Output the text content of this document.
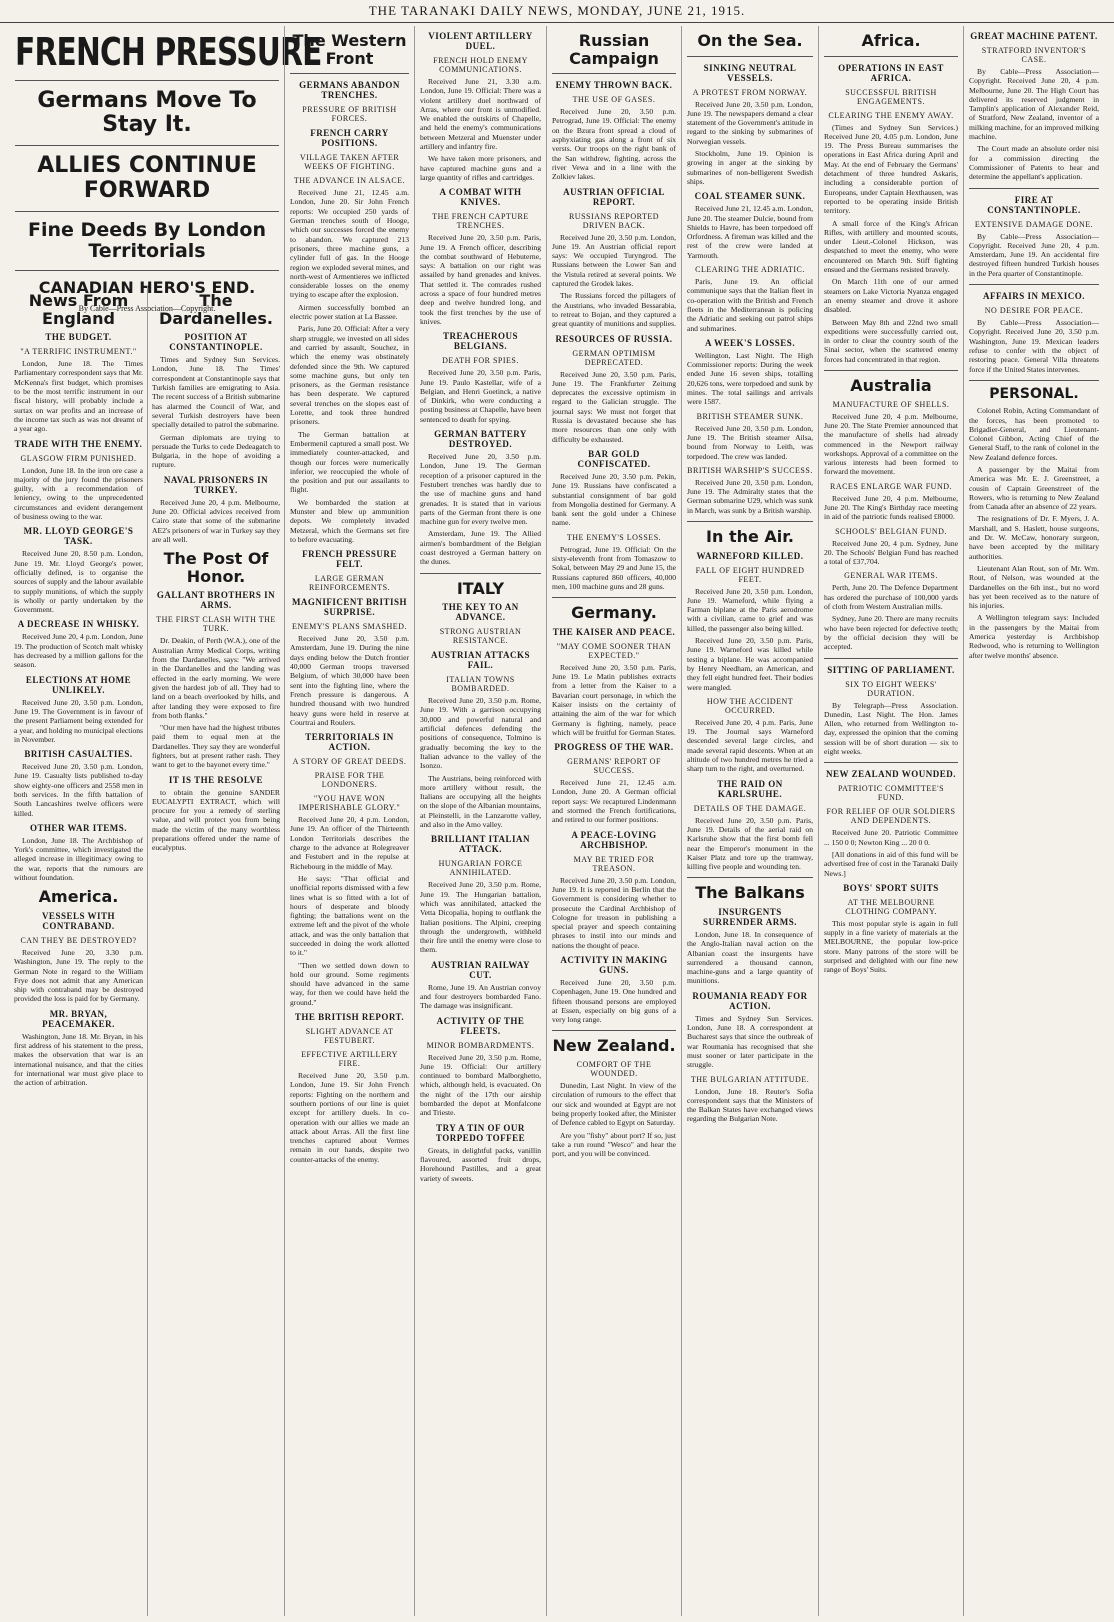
THE TARANAKI DAILY NEWS, MONDAY, JUNE 21, 1915.
FRENCH PRESSURE
Germans Move To Stay It.
ALLIES CONTINUE FORWARD
Fine Deeds By London Territorials
CANADIAN HERO'S END.
By Cable—Press Association—Copyright.
News From England
THE BUDGET.
"A TERRIFIC INSTRUMENT."

London, June 18. The Times Parliamentary correspondent says that Mr. McKenna's first budget, which promises to be the most terrific instrument in our fiscal history, will probably include a surtax on war profits and an increase of the income tax such as was not dreamt of a year ago.

TRADE WITH THE ENEMY.
GLASGOW FIRM PUNISHED.

London, June 18. In the iron ore case a majority of the jury found the prisoners guilty, with a recommendation of leniency, owing to the unprecedented circumstances and evident derangement of business owing to the war.

MR. LLOYD GEORGE'S TASK.

Received June 20, 8.50 p.m. London, June 19. Mr. Lloyd George's power, officially defined, is to organise the sources of supply and the labour available to supply munitions, of which the supply is wholly or partly undertaken by the Government.

A DECREASE IN WHISKY.

Received June 20, 4 p.m. London, June 19. The production of Scotch malt whisky has decreased by a million gallons for the season.

ELECTIONS AT HOME UNLIKELY.

Received June 20, 3.50 p.m. London, June 19. The Government is in favour of the present Parliament being extended for a year, and holding no municipal elections in November.

BRITISH CASUALTIES.

Received June 20, 3.50 p.m. London, June 19. Casualty lists published to-day show eighty-one officers and 2558 men in both services. In the fifth battalion of South Lancashires twelve officers were killed.

OTHER WAR ITEMS.

London, June 18. The Archbishop of York's committee, which investigated the alleged increase in illegitimacy owing to the war, reports that the rumours are without foundation.

America.
VESSELS WITH CONTRABAND.
CAN THEY BE DESTROYED?

Received June 20, 3.30 p.m. Washington, June 19. The reply to the German Note in regard to the William Frye does not admit that any American ship with contraband may be destroyed provided the loss is paid for by Germany.

MR. BRYAN, PEACEMAKER.

Washington, June 18. Mr. Bryan, in his first address of his statement to the press, makes the observation that war is an international nuisance, and that the cities for international war must give place to the action of arbitration.

The Dardanelles.
POSITION AT CONSTANTINOPLE.

Times and Sydney Sun Services. London, June 18. The Times' correspondent at Constantinople says that Turkish families are emigrating to Asia. The recent success of a British submarine has alarmed the Council of War, and several Turkish destroyers have been specially detailed to patrol the submarine.

German diplomats are trying to persuade the Turks to cede Dedeagatch to Bulgaria, in the hope of avoiding a rupture.

NAVAL PRISONERS IN TURKEY.

Received June 20, 4 p.m. Melbourne, June 20. Official advices received from Cairo state that some of the submarine AE2's prisoners of war in Turkey say they are all well.

The Post Of Honor.
GALLANT BROTHERS IN ARMS.
THE FIRST CLASH WITH THE TURK.

Dr. Deakin, of Perth (W.A.), one of the Australian Army Medical Corps, writing from the Dardanelles, says: "We arrived in the Dardanelles and the landing was effected in the early morning. We were given the hardest job of all. They had to land on a beach overlooked by hills, and after landing they were exposed to fire from both flanks."

"Our men have had the highest tributes paid them to equal men at the Dardanelles. They say they are wonderful fighters, but at present rather rash. They want to get to the bayonet every time."

IT IS THE RESOLVE

to obtain the genuine SANDER EUCALYPTI EXTRACT, which will procure for you a remedy of sterling value, and will protect you from being made the victim of the many worthless preparations offered under the name of eucalyptus.

The Western Front
GERMANS ABANDON TRENCHES.
PRESSURE OF BRITISH FORCES.
FRENCH CARRY POSITIONS.
VILLAGE TAKEN AFTER WEEKS OF FIGHTING.
THE ADVANCE IN ALSACE.

Received June 21, 12.45 a.m. London, June 20. Sir John French reports: We occupied 250 yards of German trenches south of Hooge, which our successes forced the enemy to abandon. We captured 213 prisoners, three machine guns, a cylinder full of gas. In the Hooge region we exploded several mines, and north-west of Armentieres we inflicted considerable losses on the enemy trying to escape after the explosion.

Airmen successfully bombed an electric power station at La Bassee.

Paris, June 20. Official: After a very sharp struggle, we invested on all sides and carried by assault, Souchez, in which the enemy was obstinately defended since the 9th. We captured some machine guns, but only ten prisoners, as the German resistance has been desperate. We captured several trenches on the slopes east of Lorette, and took three hundred prisoners.

The German battalion at Embermenil captured a small post. We immediately counter-attacked, and though our forces were numerically inferior, we reoccupied the whole of the position and put our assailants to flight.

We bombarded the station at Munster and blew up ammunition depots. We completely invaded Metzeral, which the Germans set fire to before evacuating.

FRENCH PRESSURE FELT.
LARGE GERMAN REINFORCEMENTS.
MAGNIFICENT BRITISH SURPRISE.
ENEMY'S PLANS SMASHED.

Received June 20, 3.50 p.m. Amsterdam, June 19. During the nine days ending below the Dutch frontier 40,000 German troops traversed Belgium, of which 30,000 have been sent into the fighting line, where the French pressure is dangerous. A hundred thousand with two hundred heavy guns were held in reserve at Courtrai and Roulers.

TERRITORIALS IN ACTION.
A STORY OF GREAT DEEDS.
PRAISE FOR THE LONDONERS.
"YOU HAVE WON IMPERISHABLE GLORY."

Received June 20, 4 p.m. London, June 19. An officer of the Thirteenth London Territorials describes the charge to the advance at Rolegreaver and Festubert and in the repulse at Richebourg in the middle of May.

He says: "That official and unofficial reports dismissed with a few lines what is so fitted with a lot of hours of desperate and bloody fighting; the battalions went on the extreme left and the pivot of the whole attack, and was the only battalion that succeeded in doing the work allotted to it."

"Then we settled down down to hold our ground. Some regiments should have advanced in the same way, for then we could have held the ground."

THE BRITISH REPORT.
SLIGHT ADVANCE AT FESTUBERT.
EFFECTIVE ARTILLERY FIRE.

Received June 20, 3.50 p.m. London, June 19. Sir John French reports: Fighting on the northern and southern portions of our line is quiet except for artillery duels. In co-operation with our allies we made an attack about Arras. All the first line trenches captured about Vermes remain in our hands, despite two counter-attacks of the enemy.

VIOLENT ARTILLERY DUEL.
FRENCH HOLD ENEMY COMMUNICATIONS.

Received June 21, 3.30 a.m. London, June 19. Official: There was a violent artillery duel northward of Arras, where our front is unmodified. We enabled the outskirts of Chapelle, and held the enemy's communications between Metzeral and Muenster under artillery and infantry fire.

We have taken more prisoners, and have captured machine guns and a large quantity of rifles and cartridges.

A COMBAT WITH KNIVES.
THE FRENCH CAPTURE TRENCHES.

Received June 20, 3.50 p.m. Paris, June 19. A French officer, describing the combat southward of Hebuterne, says: A battalion on our right was assailed by hand grenades and knives. That settled it. The comrades rushed across a space of four hundred metres deep and twelve hundred long, and took the first trenches by the use of knives.

TREACHEROUS BELGIANS.
DEATH FOR SPIES.

Received June 20, 3.50 p.m. Paris, June 19. Paulo Kastellar, wife of a Belgian, and Henri Goetinck, a native of Dinkirk, who were conducting a posting business at Chapelle, have been sentenced to death for spying.

GERMAN BATTERY DESTROYED.

Received June 20, 3.50 p.m. London, June 19. The German reception of a prisoner captured in the Festubert trenches was hardly due to the use of machine guns and hand grenades. It is stated that in various parts of the German front there is one machine gun for every twelve men.

Amsterdam, June 19. The Allied airmen's bombardment of the Belgian coast destroyed a German battery on the dunes.

ITALY
THE KEY TO AN ADVANCE.
STRONG AUSTRIAN RESISTANCE.
AUSTRIAN ATTACKS FAIL.
ITALIAN TOWNS BOMBARDED.

Received June 20, 3.50 p.m. Rome, June 19. With a garrison occupying 30,000 and powerful natural and artificial defences defending the positions of consequence, Tolmino is gradually becoming the key to the Italian advance to the valley of the Isonzo.

The Austrians, being reinforced with more artillery without result, the Italians are occupying all the heights on the slope of the Albanian mountains, at Pleinstelli, in the Lanzarotte valley, and also in the Amo valley.

BRILLIANT ITALIAN ATTACK.
HUNGARIAN FORCE ANNIHILATED.

Received June 20, 3.50 p.m. Rome, June 19. The Hungarian battalion, which was annihilated, attacked the Vetta Dicopalia, hoping to outflank the Italian positions. The Alpini, creeping through the undergrowth, withheld their fire until the enemy were close to them.

AUSTRIAN RAILWAY CUT.

Rome, June 19. An Austrian convoy and four destroyers bombarded Fano. The damage was insignificant.

ACTIVITY OF THE FLEETS.
MINOR BOMBARDMENTS.

Received June 20, 3.50 p.m. Rome, June 19. Official: Our artillery continued to bombard Malborghetto, which, although held, is evacuated. On the night of the 17th our airship bombarded the depot at Monfalcone and Trieste.

TRY A TIN OF OUR TORPEDO TOFFEE

Greats, in delightful packs, vanillin flavoured, assorted fruit drops, Horehound Pastilles, and a great variety of sweets.

Russian Campaign
ENEMY THROWN BACK.
THE USE OF GASES.

Received June 20, 3.50 p.m. Petrograd, June 19. Official: The enemy on the Bzura front spread a cloud of asphyxiating gas along a front of six versts. Our troops on the right bank of the San withdrew, fighting, across the river Vewa and in a line with the Zolkiev lakes.

AUSTRIAN OFFICIAL REPORT.
RUSSIANS REPORTED DRIVEN BACK.

Received June 20, 3.50 p.m. London, June 19. An Austrian official report says: We occupied Turyngrod. The Russians between the Lower San and the Vistula retired at several points. We captured the Grodek lakes.

The Russians forced the pillagers of the Austrians, who invaded Bessarabia, to retreat to Bojan, and they captured a great quantity of munitions and supplies.

RESOURCES OF RUSSIA.
GERMAN OPTIMISM DEPRECATED.

Received June 20, 3.50 p.m. Paris, June 19. The Frankfurter Zeitung deprecates the excessive optimism in regard to the Galician struggle. The journal says: We must not forget that Russia is devastated because she has more resources than one only with difficulty be exhausted.

BAR GOLD CONFISCATED.

Received June 20, 3.50 p.m. Pekin, June 19. Russians have confiscated a substantial consignment of bar gold from Mongolia destined for Germany. A bank sent the gold under a Chinese name.

THE ENEMY'S LOSSES.

Petrograd, June 19. Official: On the sixty-eleventh front from Tomaszow to Sokal, between May 29 and June 15, the Russians captured 860 officers, 40,000 men, 100 machine guns and 28 guns.

Germany.
THE KAISER AND PEACE.
"MAY COME SOONER THAN EXPECTED."

Received June 20, 3.50 p.m. Paris, June 19. Le Matin publishes extracts from a letter from the Kaiser to a Bavarian court personage, in which the Kaiser insists on the certainty of attaining the aim of the war for which Germany is fighting, namely, peace which will be fruitful for German States.

PROGRESS OF THE WAR.
GERMANS' REPORT OF SUCCESS.

Received June 21, 12.45 a.m. London, June 20. A German official report says: We recaptured Lindenmann and stormed the French fortifications, and retired to our former positions.

A PEACE-LOVING ARCHBISHOP.
MAY BE TRIED FOR TREASON.

Received June 20, 3.50 p.m. London, June 19. It is reported in Berlin that the Government is considering whether to prosecute the Cardinal Archbishop of Cologne for treason in publishing a special prayer and speech containing phrases to instil into our minds and nations the thought of peace.

ACTIVITY IN MAKING GUNS.

Received June 20, 3.50 p.m. Copenhagen, June 19. One hundred and fifteen thousand persons are employed at Essen, especially on big guns of a very long range.

New Zealand.
COMFORT OF THE WOUNDED.

Dunedin, Last Night. In view of the circulation of rumours to the effect that our sick and wounded at Egypt are not being properly looked after, the Minister of Defence cabled to Egypt on Saturday.

Are you "fishy" about port? If so, just take a run round "Wesco" and hear the port, and you will be convinced.

On the Sea.
SINKING NEUTRAL VESSELS.
A PROTEST FROM NORWAY.

Received June 20, 3.50 p.m. London, June 19. The newspapers demand a clear statement of the Government's attitude in regard to the sinking by submarines of Norwegian vessels.

Stockholm, June 19. Opinion is growing in anger at the sinking by submarines of non-belligerent Swedish ships.

COAL STEAMER SUNK.

Received June 21, 12.45 a.m. London, June 20. The steamer Dulcie, bound from Shields to Havre, has been torpedoed off Orfordness. A fireman was killed and the rest of the crew were landed at Yarmouth.

CLEARING THE ADRIATIC.

Paris, June 19. An official communique says that the Italian fleet in co-operation with the British and French fleets in the Mediterranean is policing the Adriatic and seeking out patrol ships and submarines.

A WEEK'S LOSSES.

Wellington, Last Night. The High Commissioner reports: During the week ended June 16 seven ships, totalling 20,626 tons, were torpedoed and sunk by mines. The total sailings and arrivals were 1587.

BRITISH STEAMER SUNK.

Received June 20, 3.50 p.m. London, June 19. The British steamer Ailsa, bound from Norway to Leith, was torpedoed. The crew was landed.

BRITISH WARSHIP'S SUCCESS.

Received June 20, 3.50 p.m. London, June 19. The Admiralty states that the German submarine U29, which was sunk in March, was sunk by a British warship.

In the Air.
WARNEFORD KILLED.
FALL OF EIGHT HUNDRED FEET.

Received June 20, 3.50 p.m. London, June 19. Warneford, while flying a Farman biplane at the Paris aerodrome with a civilian, came to grief and was killed, the passenger also being killed.

Received June 20, 3.50 p.m. Paris, June 19. Warneford was killed while testing a biplane. He was accompanied by Henry Needham, an American, and they fell eight hundred feet. Their bodies were mangled.

HOW THE ACCIDENT OCCURRED.

Received June 20, 4 p.m. Paris, June 19. The Journal says Warneford descended several large circles, and made several rapid descents. When at an altitude of two hundred metres he tried a sharp turn to the right, and overturned.

THE RAID ON KARLSRUHE.
DETAILS OF THE DAMAGE.

Received June 20, 3.50 p.m. Paris, June 19. Details of the aerial raid on Karlsruhe show that the first bomb fell near the Emperor's monument in the Kaiser Platz and tore up the tramway, killing five people and wounding ten.

The Balkans
INSURGENTS SURRENDER ARMS.

London, June 18. In consequence of the Anglo-Italian naval action on the Albanian coast the insurgents have surrendered a thousand cannon, machine-guns and a large quantity of munitions.

ROUMANIA READY FOR ACTION.

Times and Sydney Sun Services. London, June 18. A correspondent at Bucharest says that since the outbreak of war Roumania has recognised that she must sooner or later participate in the struggle.

THE BULGARIAN ATTITUDE.

London, June 18. Reuter's Sofia correspondent says that the Ministers of the Balkan States have exchanged views regarding the Bulgarian Note.

Africa.
OPERATIONS IN EAST AFRICA.
SUCCESSFUL BRITISH ENGAGEMENTS.
CLEARING THE ENEMY AWAY.

(Times and Sydney Sun Services.) Received June 20, 4.05 p.m. London, June 19. The Press Bureau summarises the operations in East Africa during April and May. At the end of February the Germans' detachment of three hundred Askaris, including a considerable portion of Europeans, under Captain Hexthausen, was reported to be operating inside British territory.

A small force of the King's African Rifles, with artillery and mounted scouts, under Lieut.-Colonel Hickson, was despatched to meet the enemy, who were encountered on March 9th. Stiff fighting ensued and the Germans resisted bravely.

On March 11th one of our armed steamers on Lake Victoria Nyanza engaged an enemy steamer and drove it ashore disabled.

Between May 8th and 22nd two small expeditions were successfully carried out, in order to clear the country south of the Sinai sector, when the scattered enemy forces had concentrated in that region.

Australia
MANUFACTURE OF SHELLS.

Received June 20, 4 p.m. Melbourne, June 20. The State Premier announced that the manufacture of shells had already commenced in the Newport railway workshops. Approval of a committee on the various interests had been formed to forward the movement.

RACES ENLARGE WAR FUND.

Received June 20, 4 p.m. Melbourne, June 20. The King's Birthday race meeting in aid of the patriotic funds realised £8000.

SCHOOLS' BELGIAN FUND.

Received June 20, 4 p.m. Sydney, June 20. The Schools' Belgian Fund has reached a total of £37,704.

GENERAL WAR ITEMS.

Perth, June 20. The Defence Department has ordered the purchase of 100,000 yards of cloth from Western Australian mills.

Sydney, June 20. There are many recruits who have been rejected for defective teeth; by the official decision they will be accepted.

SITTING OF PARLIAMENT.
SIX TO EIGHT WEEKS' DURATION.

By Telegraph—Press Association. Dunedin, Last Night. The Hon. James Allen, who returned from Wellington to-day, expressed the opinion that the coming session will be of short duration — six to eight weeks.

NEW ZEALAND WOUNDED.
PATRIOTIC COMMITTEE'S FUND.
FOR RELIEF OF OUR SOLDIERS AND DEPENDENTS.

Received June 20. Patriotic Committee ... 150 0 0; Newton King ... 20 0 0.

[All donations in aid of this fund will be advertised free of cost in the Taranaki Daily News.]

BOYS' SPORT SUITS
AT THE MELBOURNE CLOTHING COMPANY.

This most popular style is again in full supply in a fine variety of materials at the MELBOURNE, the popular low-price store. Many patrons of the store will be surprised and delighted with our fine new range of Boys' Suits.

GREAT MACHINE PATENT.
STRATFORD INVENTOR'S CASE.

By Cable—Press Association—Copyright. Received June 20, 4 p.m. Melbourne, June 20. The High Court has delivered its reserved judgment in Tamplin's application of Alexander Reid, of Stratford, New Zealand, inventor of a milking machine, for an improved milking machine.

The Court made an absolute order nisi for a commission directing the Commissioner of Patents to hear and determine the appellant's application.

FIRE AT CONSTANTINOPLE.
EXTENSIVE DAMAGE DONE.

By Cable—Press Association—Copyright. Received June 20, 4 p.m. Amsterdam, June 19. An accidental fire destroyed fifteen hundred Turkish houses in the Pera quarter of Constantinople.

AFFAIRS IN MEXICO.
NO DESIRE FOR PEACE.

By Cable—Press Association—Copyright. Received June 20, 3.50 p.m. Washington, June 19. Mexican leaders refuse to confer with the object of restoring peace. General Villa threatens force if the United States intervenes.

PERSONAL.

Colonel Robin, Acting Commandant of the forces, has been promoted to Brigadier-General, and Lieutenant-Colonel Gibbon, Acting Chief of the General Staff, to the rank of colonel in the New Zealand defence forces.

A passenger by the Maitai from America was Mr. E. J. Greenstreet, a cousin of Captain Greenstreet of the Rowers, who is returning to New Zealand from Canada after an absence of 22 years.

The resignations of Dr. F. Myers, J. A. Marshall, and S. Haslett, house surgeons, and Dr. W. McCaw, honorary surgeon, have been accepted by the military authorities.

Lieutenant Alan Rout, son of Mr. Wm. Rout, of Nelson, was wounded at the Dardanelles on the 6th inst., but no word has yet been received as to the nature of his injuries.

A Wellington telegram says: Included in the passengers by the Maitai from America yesterday is Archbishop Redwood, who is returning to Wellington after twelve months' absence.
